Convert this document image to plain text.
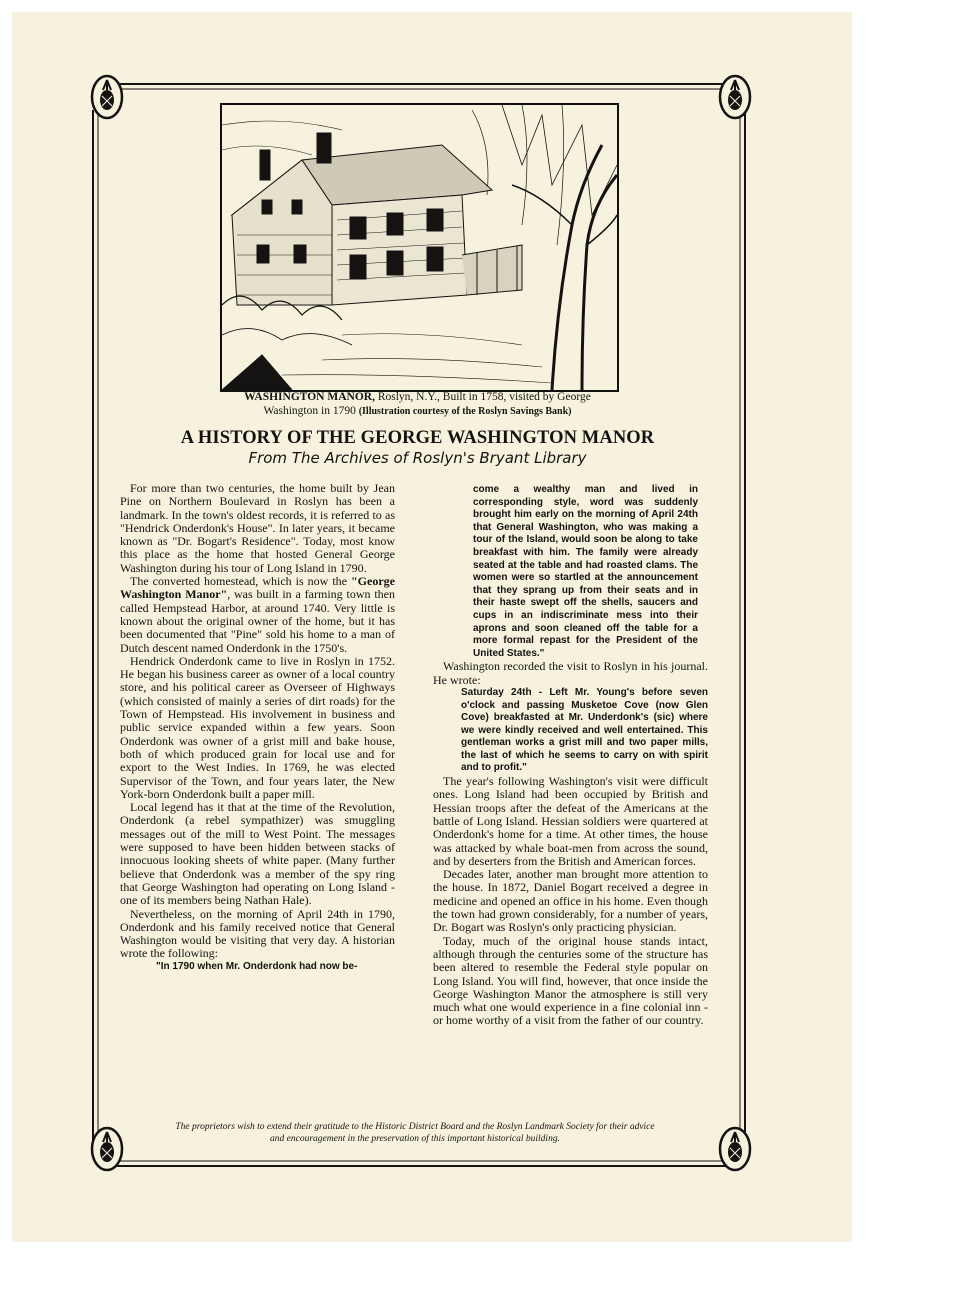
WASHINGTON MANOR, Roslyn, N.Y., Built in 1758, visited by George
Washington in 1790 (Illustration courtesy of the Roslyn Savings Bank)
A HISTORY OF THE GEORGE WASHINGTON MANOR
From The Archives of Roslyn's Bryant Library

For more than two centuries, the home built by Jean Pine on Northern Boulevard in Roslyn has been a landmark. In the town's oldest records, it is referred to as "Hendrick Onderdonk's House". In later years, it became known as "Dr. Bogart's Residence". Today, most know this place as the home that hosted General George Washington during his tour of Long Island in 1790.

The converted homestead, which is now the "George Washington Manor", was built in a farming town then called Hempstead Harbor, at around 1740. Very little is known about the original owner of the home, but it has been documented that "Pine" sold his home to a man of Dutch descent named Onderdonk in the 1750's.

Hendrick Onderdonk came to live in Roslyn in 1752. He began his business career as owner of a local country store, and his political career as Overseer of Highways (which consisted of mainly a series of dirt roads) for the Town of Hempstead. His involvement in business and public service expanded within a few years. Soon Onderdonk was owner of a grist mill and bake house, both of which produced grain for local use and for export to the West Indies. In 1769, he was elected Supervisor of the Town, and four years later, the New York-born Onderdonk built a paper mill.

Local legend has it that at the time of the Revolution, Onderdonk (a rebel sympathizer) was smuggling messages out of the mill to West Point. The messages were supposed to have been hidden between stacks of innocuous looking sheets of white paper. (Many further believe that Onderdonk was a member of the spy ring that George Washington had operating on Long Island - one of its members being Nathan Hale).

Nevertheless, on the morning of April 24th in 1790, Onderdonk and his family received notice that General Washington would be visiting that very day. A historian wrote the following:

"In 1790 when Mr. Onderdonk had now be-

come a wealthy man and lived in corresponding style, word was suddenly brought him early on the morning of April 24th that General Washington, who was making a tour of the Island, would soon be along to take breakfast with him. The family were already seated at the table and had roasted clams. The women were so startled at the announcement that they sprang up from their seats and in their haste swept off the shells, saucers and cups in an indiscriminate mess into their aprons and soon cleaned off the table for a more formal repast for the President of the United States."

Washington recorded the visit to Roslyn in his journal. He wrote:

Saturday 24th - Left Mr. Young's before seven o'clock and passing Musketoe Cove (now Glen Cove) breakfasted at Mr. Underdonk's (sic) where we were kindly received and well entertained. This gentleman works a grist mill and two paper mills, the last of which he seems to carry on with spirit and to profit."

The year's following Washington's visit were difficult ones. Long Island had been occupied by British and Hessian troops after the defeat of the Americans at the battle of Long Island. Hessian soldiers were quartered at Onderdonk's home for a time. At other times, the house was attacked by whale boat-men from across the sound, and by deserters from the British and American forces.

Decades later, another man brought more attention to the house. In 1872, Daniel Bogart received a degree in medicine and opened an office in his home. Even though the town had grown considerably, for a number of years, Dr. Bogart was Roslyn's only practicing physician.

Today, much of the original house stands intact, although through the centuries some of the structure has been altered to resemble the Federal style popular on Long Island. You will find, however, that once inside the George Washington Manor the atmosphere is still very much what one would experience in a fine colonial inn - or home worthy of a visit from the father of our country.

The proprietors wish to extend their gratitude to the Historic District Board and the Roslyn Landmark Society for their advice
and encouragement in the preservation of this important historical building.
